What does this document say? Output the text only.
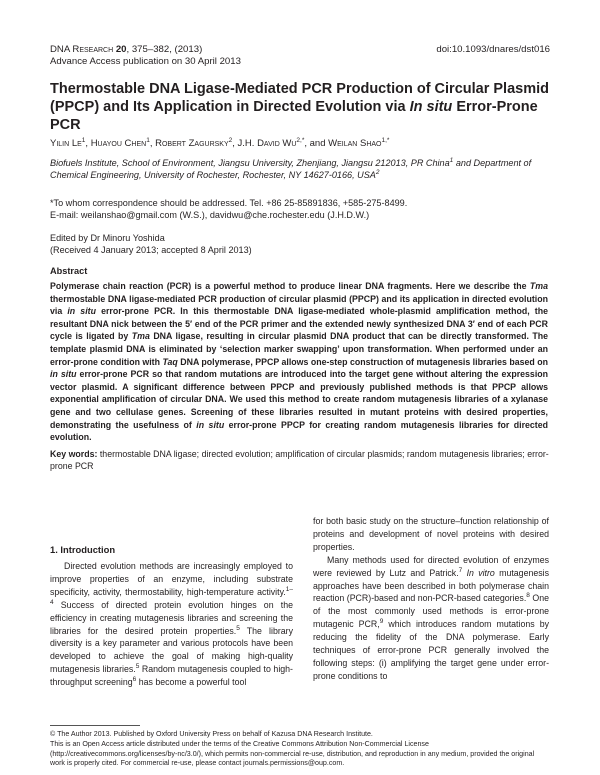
DNA Research 20, 375–382, (2013)
Advance Access publication on 30 April 2013
doi:10.1093/dnares/dst016
Thermostable DNA Ligase-Mediated PCR Production of Circular Plasmid (PPCP) and Its Application in Directed Evolution via In situ Error-Prone PCR
Yilin Le$^1$, Huayou Chen$^1$, Robert Zagursky$^2$, J.H. David $Wu^{2,*}$, and Weilan Shao$^{1,*}$
Biofuels Institute, School of Environment, Jiangsu University, Zhenjiang, Jiangsu 212013, PR China$^1$ and Department of Chemical Engineering, University of Rochester, Rochester, NY 14627-0166, USA$^2$
*To whom correspondence should be addressed. Tel. +86 25-85891836, +585-275-8499.
E-mail: weilanshao@gmail.com (W.S.), davidwu@che.rochester.edu (J.H.D.W.)
Edited by Dr Minoru Yoshida
(Received 4 January 2013; accepted 8 April 2013)
Abstract

Polymerase chain reaction (PCR) is a powerful method to produce linear DNA fragments. Here we describe the Tma thermostable DNA ligase-mediated PCR production of circular plasmid (PPCP) and its application in directed evolution via in situ error-prone PCR. In this thermostable DNA ligase-mediated whole-plasmid amplification method, the resultant DNA nick between the 5′ end of the PCR primer and the extended newly synthesized DNA 3′ end of each PCR cycle is ligated by Tma DNA ligase, resulting in circular plasmid DNA product that can be directly transformed. The template plasmid DNA is eliminated by ‘selection marker swapping’ upon transformation. When performed under an error-prone condition with Taq DNA polymerase, PPCP allows one-step construction of mutagenesis libraries based on in situ error-prone PCR so that random mutations are introduced into the target gene without altering the expression vector plasmid. A significant difference between PPCP and previously published methods is that PPCP allows exponential amplification of circular DNA. We used this method to create random mutagenesis libraries of a xylanase gene and two cellulase genes. Screening of these libraries resulted in mutant proteins with desired properties, demonstrating the usefulness of in situ error-prone PPCP for creating random mutagenesis libraries for directed evolution.

Key words: thermostable DNA ligase; directed evolution; amplification of circular plasmids; random mutagenesis libraries; error-prone PCR
1. Introduction

Directed evolution methods are increasingly employed to improve properties of an enzyme, including substrate specificity, activity, thermostability, high-temperature activity.$^{1-4}$ Success of directed protein evolution hinges on the efficiency in creating mutagenesis libraries and screening the libraries for the desired protein properties.$^5$ The library diversity is a key parameter and various protocols have been developed to achieve the goal of making high-quality mutagenesis libraries.$^5$ Random mutagenesis coupled to high-throughput screening$^6$ has become a powerful tool

for both basic study on the structure–function relationship of proteins and development of novel proteins with desired properties.

Many methods used for directed evolution of enzymes were reviewed by Lutz and Patrick.$^7$ In vitro mutagenesis approaches have been described in both polymerase chain reaction (PCR)-based and non-PCR-based categories.$^8$ One of the most commonly used methods is error-prone mutagenic PCR,$^9$ which introduces random mutations by reducing the fidelity of the DNA polymerase. Early techniques of error-prone PCR generally involved the following steps: (i) amplifying the target gene under error-prone conditions to

© The Author 2013. Published by Oxford University Press on behalf of Kazusa DNA Research Institute.
This is an Open Access article distributed under the terms of the Creative Commons Attribution Non-Commercial License (http://creativecommons.org/licenses/by-nc/3.0/), which permits non-commercial re-use, distribution, and reproduction in any medium, provided the original work is properly cited. For commercial re-use, please contact journals.permissions@oup.com.
